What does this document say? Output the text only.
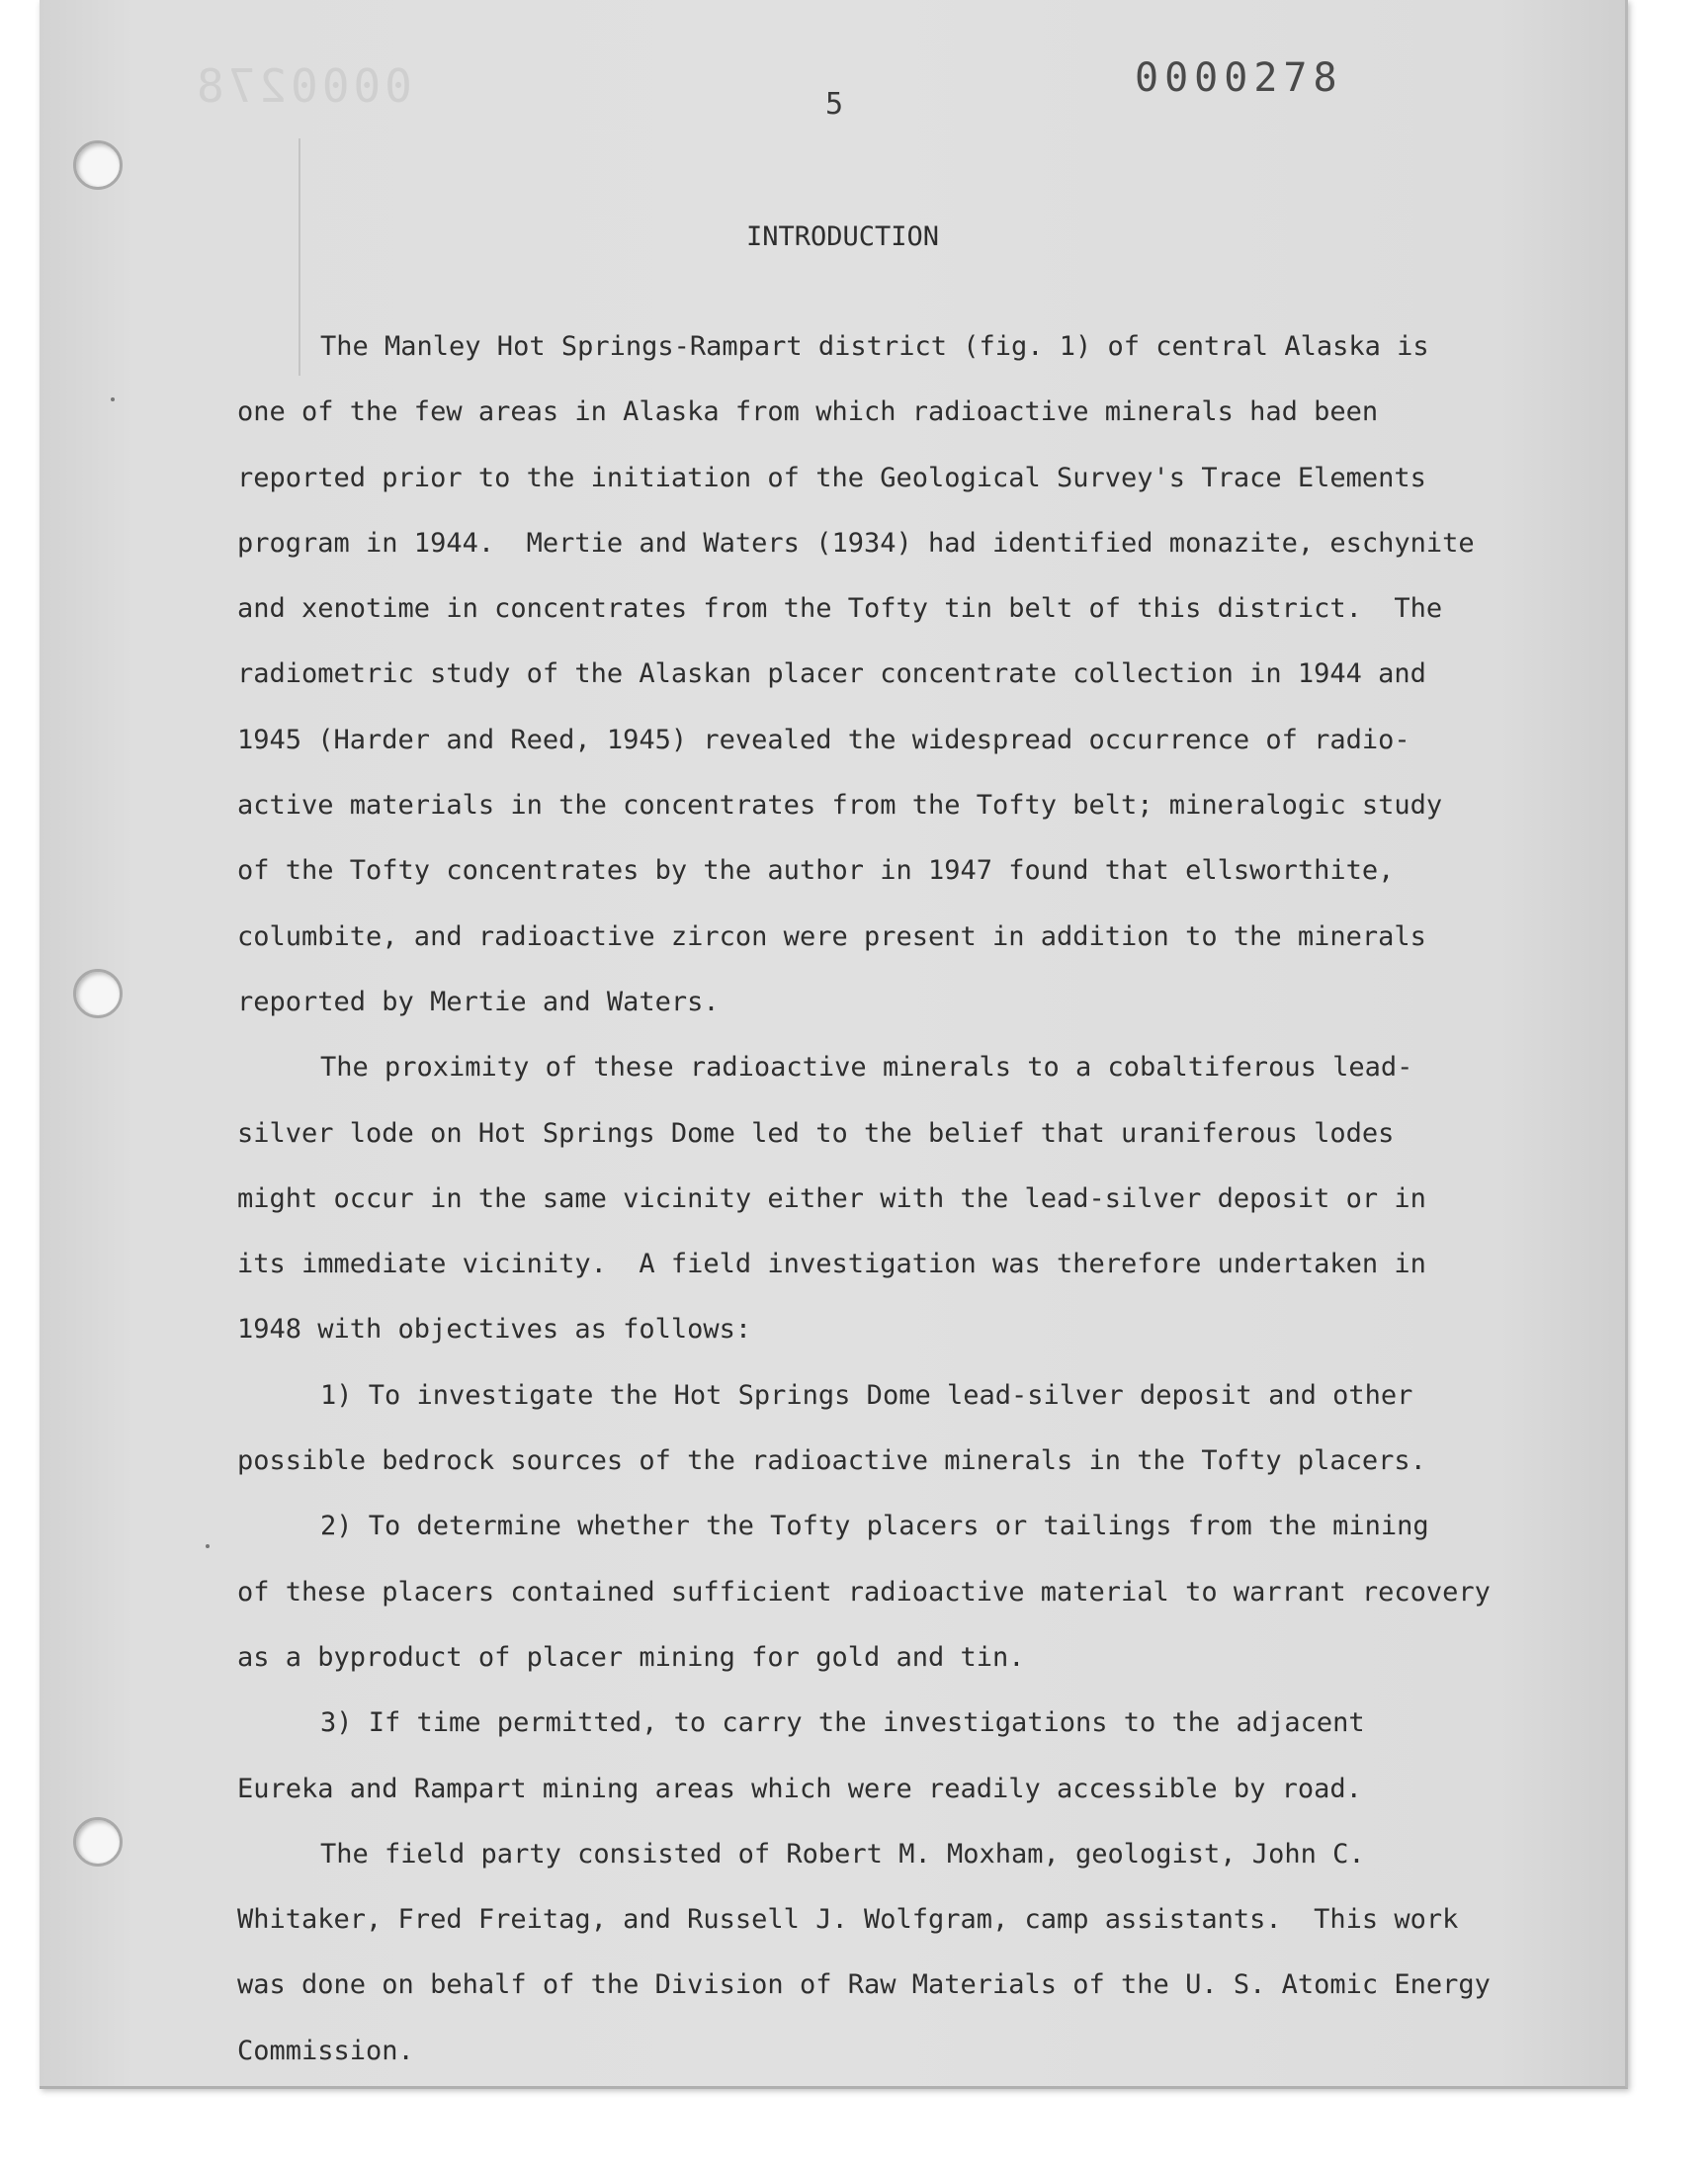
0000278	0000278
5
INTRODUCTION
The Manley Hot Springs-Rampart district (fig. 1) of central Alaska is
one of the few areas in Alaska from which radioactive minerals had been
reported prior to the initiation of the Geological Survey's Trace Elements
program in 1944.  Mertie and Waters (1934) had identified monazite, eschynite
and xenotime in concentrates from the Tofty tin belt of this district.  The
radiometric study of the Alaskan placer concentrate collection in 1944 and
1945 (Harder and Reed, 1945) revealed the widespread occurrence of radio-
active materials in the concentrates from the Tofty belt; mineralogic study
of the Tofty concentrates by the author in 1947 found that ellsworthite,
columbite, and radioactive zircon were present in addition to the minerals
reported by Mertie and Waters.
The proximity of these radioactive minerals to a cobaltiferous lead-
silver lode on Hot Springs Dome led to the belief that uraniferous lodes
might occur in the same vicinity either with the lead-silver deposit or in
its immediate vicinity.  A field investigation was therefore undertaken in
1948 with objectives as follows:
1) To investigate the Hot Springs Dome lead-silver deposit and other
possible bedrock sources of the radioactive minerals in the Tofty placers.
2) To determine whether the Tofty placers or tailings from the mining
of these placers contained sufficient radioactive material to warrant recovery
as a byproduct of placer mining for gold and tin.
3) If time permitted, to carry the investigations to the adjacent
Eureka and Rampart mining areas which were readily accessible by road.
The field party consisted of Robert M. Moxham, geologist, John C.
Whitaker, Fred Freitag, and Russell J. Wolfgram, camp assistants.  This work
was done on behalf of the Division of Raw Materials of the U. S. Atomic Energy
Commission.
